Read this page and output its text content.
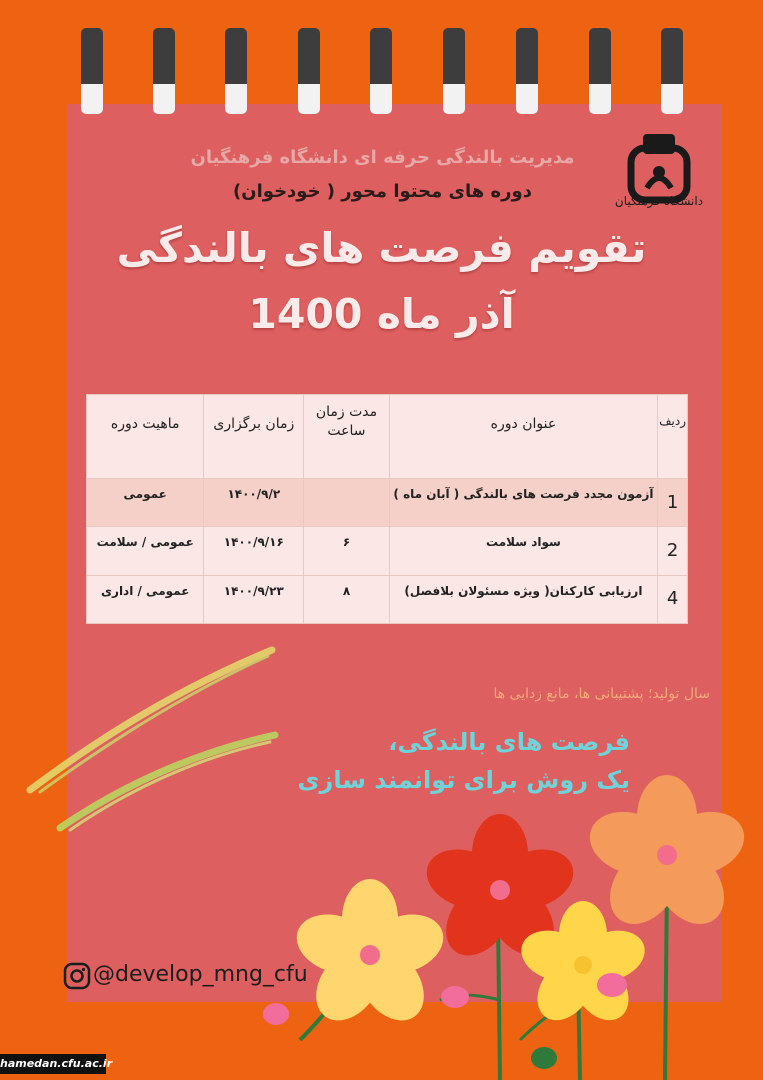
مدیریت بالندگی حرفه ای دانشگاه فرهنگیان
دوره های محتوا محور ( خودخوان)	دانشگاه فرهنگیان
تقویم فرصت های بالندگی
آذر ماه 1400
ردیف	عنوان دوره	مدت زمان ساعت	زمان برگزاری	ماهیت دوره
1	آزمون مجدد فرصت های بالندگی ( آبان ماه )		۱۴۰۰/۹/۲	عمومی
2	سواد سلامت	۶	۱۴۰۰/۹/۱۶	عمومی / سلامت
4	ارزیابی کارکنان( ویژه مسئولان بلافصل)	۸	۱۴۰۰/۹/۲۳	عمومی / اداری
سال تولید؛ پشتیبانی ها، مانع زدایی ها
فرصت های بالندگی،
یک روش برای توانمند سازی
@develop_mng_cfu
hamedan.cfu.ac.ir
